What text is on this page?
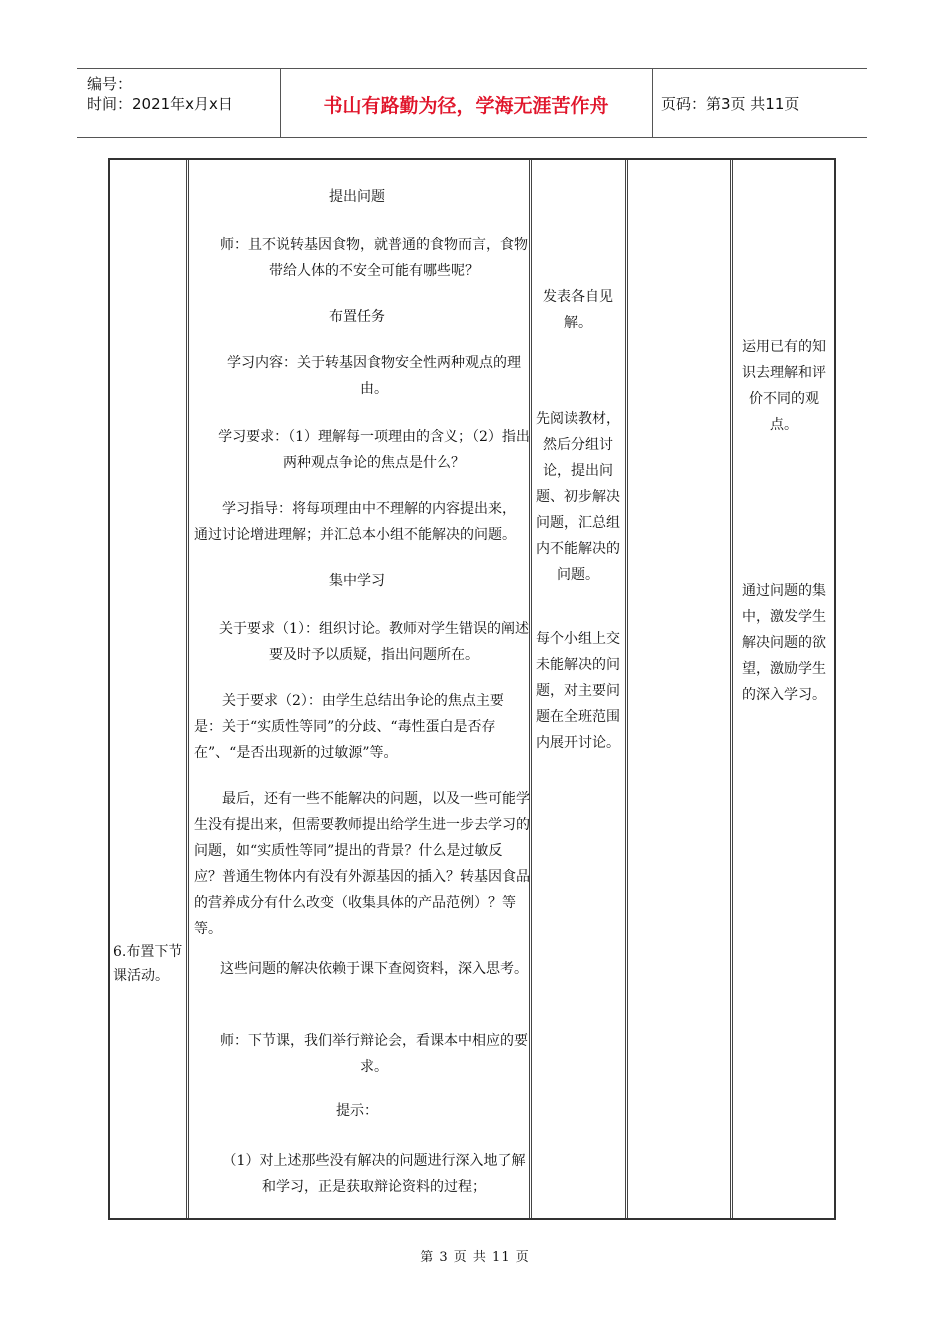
编号：
时间：2021年x月x日	书山有路勤为径，学海无涯苦作舟	页码：第3页 共11页
6.布置下节课活动。
提出问题
师：且不说转基因食物，就普通的食物而言，食物带给人体的不安全可能有哪些呢？
布置任务
学习内容：关于转基因食物安全性两种观点的理由。
学习要求：（1）理解每一项理由的含义；（2）指出两种观点争论的焦点是什么？
学习指导：将每项理由中不理解的内容提出来，通过讨论增进理解；并汇总本小组不能解决的问题。
集中学习
关于要求（1）：组织讨论。教师对学生错误的阐述要及时予以质疑，指出问题所在。
关于要求（2）：由学生总结出争论的焦点主要是：关于“实质性等同”的分歧、“毒性蛋白是否存在”、“是否出现新的过敏源”等。
最后，还有一些不能解决的问题，以及一些可能学生没有提出来，但需要教师提出给学生进一步去学习的问题，如“实质性等同”提出的背景？什么是过敏反应？普通生物体内有没有外源基因的插入？转基因食品的营养成分有什么改变（收集具体的产品范例）？等等。
这些问题的解决依赖于课下查阅资料，深入思考。
师：下节课，我们举行辩论会，看课本中相应的要求。
提示：
（1）对上述那些没有解决的问题进行深入地了解和学习，正是获取辩论资料的过程；
发表各自见解。
先阅读教材，然后分组讨论，提出问题、初步解决问题，汇总组内不能解决的问题。
每个小组上交未能解决的问题，对主要问题在全班范围内展开讨论。
运用已有的知识去理解和评价不同的观点。
通过问题的集中，激发学生解决问题的欲望，激励学生的深入学习。
第 3 页 共 11 页
